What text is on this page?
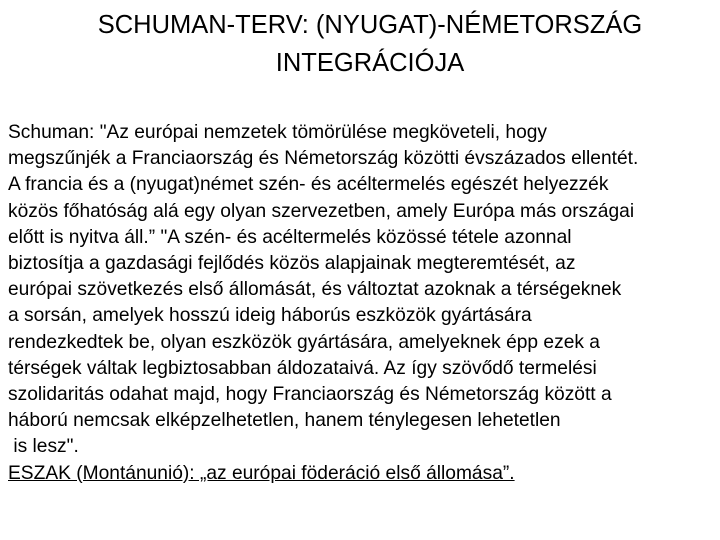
SCHUMAN-TERV: (NYUGAT)-NÉMETORSZÁG
INTEGRÁCIÓJA
Schuman: "Az európai nemzetek tömörülése megköveteli, hogy
megszűnjék a Franciaország és Németország közötti évszázados ellentét.
A francia és a (nyugat)német szén- és acéltermelés egészét helyezzék
közös főhatóság alá egy olyan szervezetben, amely Európa más országai
előtt is nyitva áll.” "A szén- és acéltermelés közössé tétele azonnal
biztosítja a gazdasági fejlődés közös alapjainak megteremtését, az
európai szövetkezés első állomását, és változtat azoknak a térségeknek
a sorsán, amelyek hosszú ideig háborús eszközök gyártására
rendezkedtek be, olyan eszközök gyártására, amelyeknek épp ezek a
térségek váltak legbiztosabban áldozataivá. Az így szövődő termelési
szolidaritás odahat majd, hogy Franciaország és Németország között a
háború nemcsak elképzelhetetlen, hanem ténylegesen lehetetlen
is lesz".
ESZAK (Montánunió): „az európai föderáció első állomása”.
